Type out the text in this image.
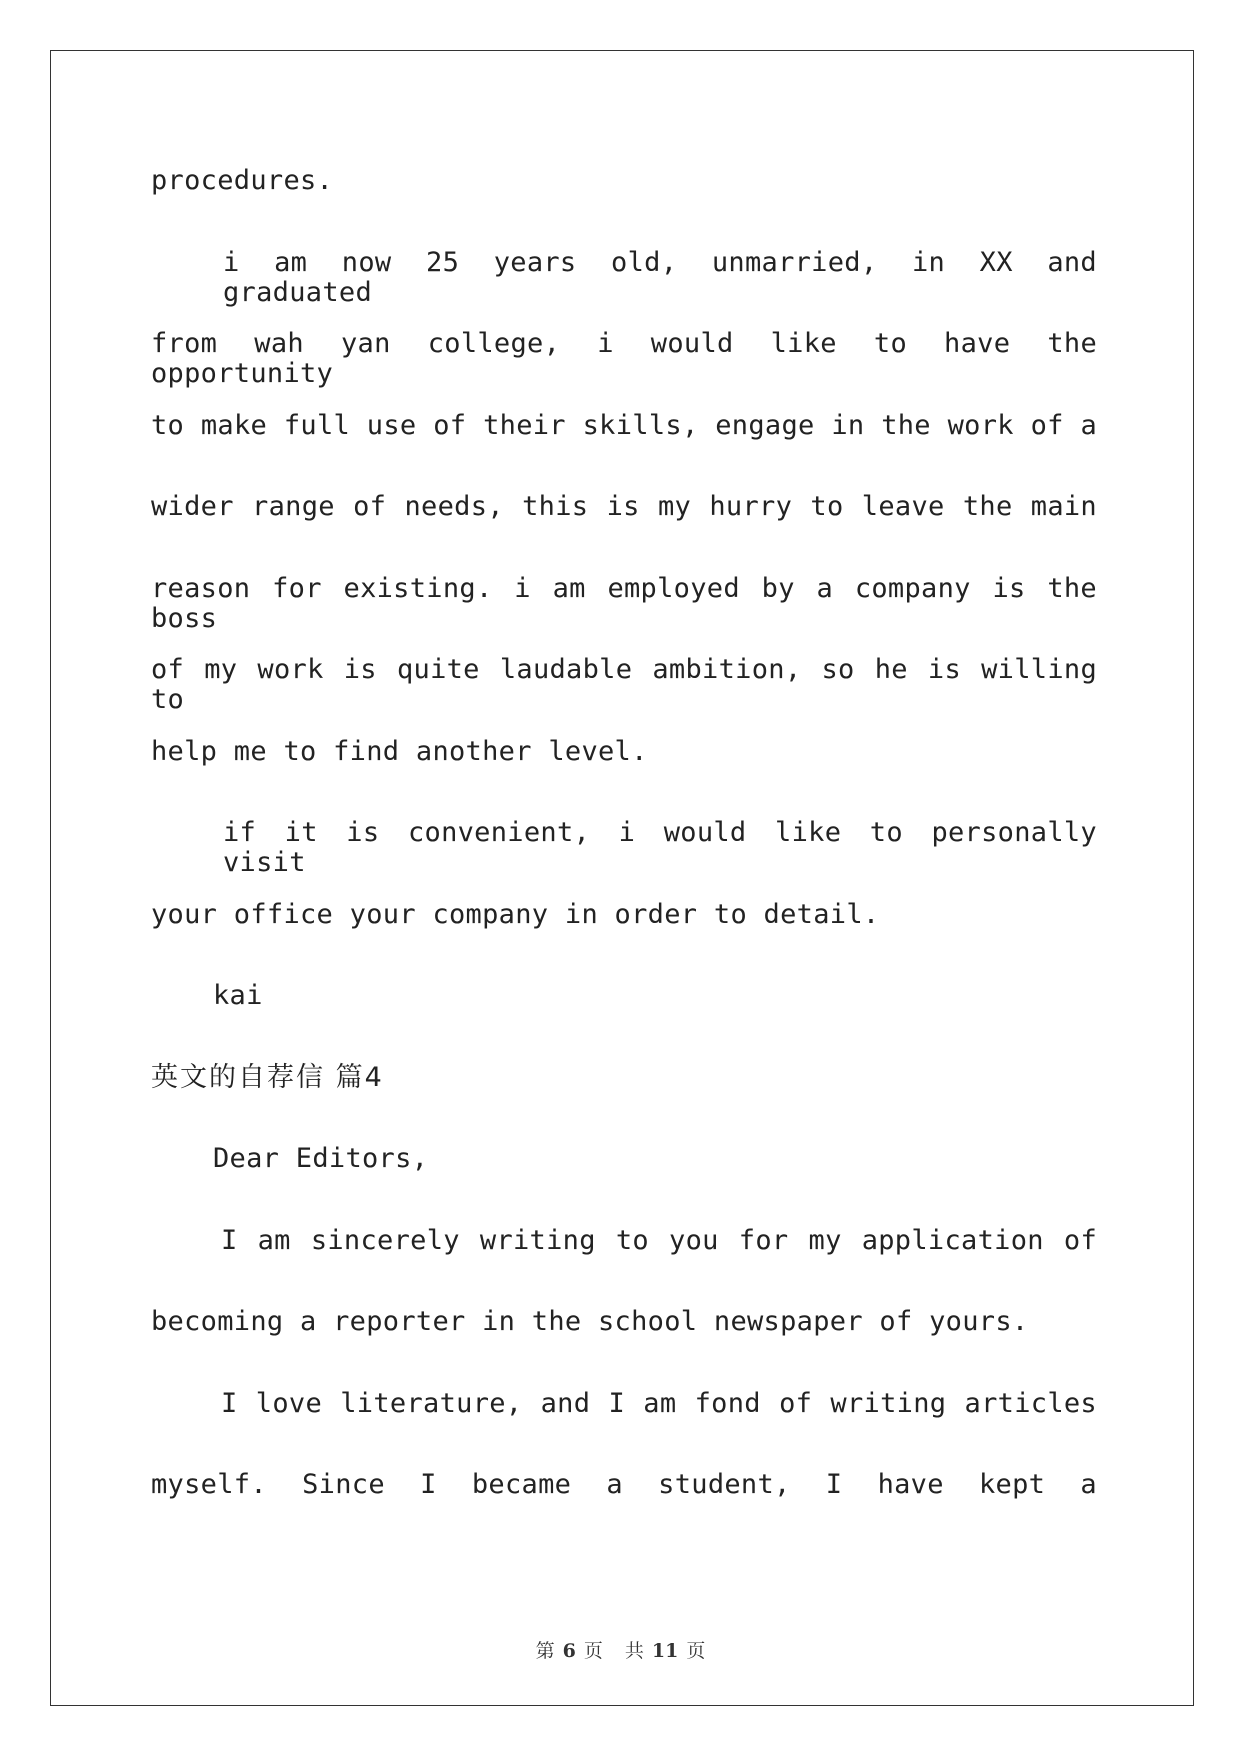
procedures.
i am now 25 years old, unmarried, in XX and graduated
from wah yan college, i would like to have the opportunity
to make full use of their skills, engage in the work of a
wider range of needs, this is my hurry to leave the main
reason for existing. i am employed by a company is the boss
of my work is quite laudable ambition, so he is willing to
help me to find another level.
if it is convenient, i would like to personally visit
your office your company in order to detail.
kai
英文的自荐信 篇4
Dear Editors,
I am sincerely writing to you for my application of
becoming a reporter in the school newspaper of yours.
I love literature, and I am fond of writing articles
myself. Since I became a student, I have kept a
第 6 页 共 11 页
